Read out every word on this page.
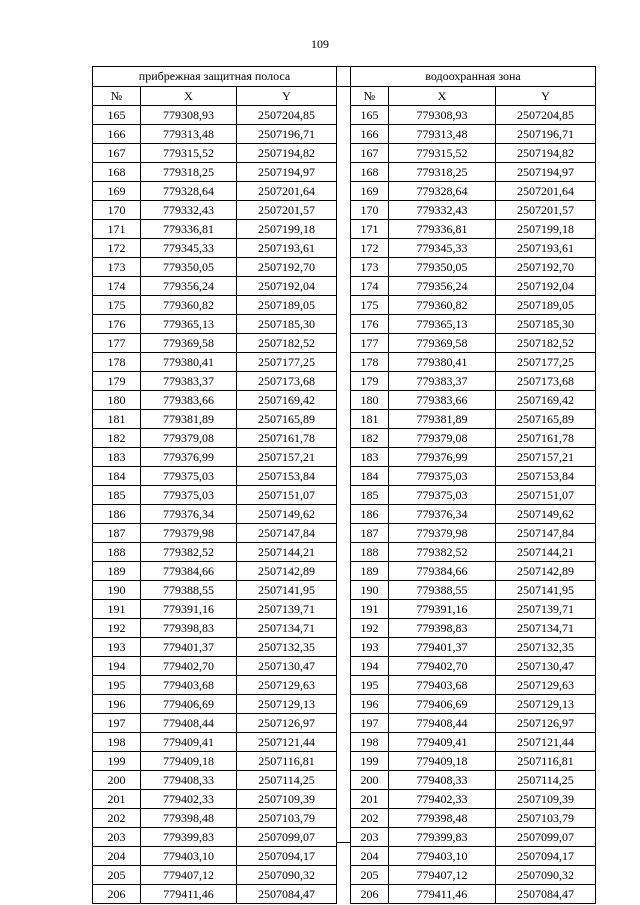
109
прибрежная защитная полоса		
№	X	Y
165	779308,93	2507204,85
166	779313,48	2507196,71
167	779315,52	2507194,82
168	779318,25	2507194,97
169	779328,64	2507201,64
170	779332,43	2507201,57
171	779336,81	2507199,18
172	779345,33	2507193,61
173	779350,05	2507192,70
174	779356,24	2507192,04
175	779360,82	2507189,05
176	779365,13	2507185,30
177	779369,58	2507182,52
178	779380,41	2507177,25
179	779383,37	2507173,68
180	779383,66	2507169,42
181	779381,89	2507165,89
182	779379,08	2507161,78
183	779376,99	2507157,21
184	779375,03	2507153,84
185	779375,03	2507151,07
186	779376,34	2507149,62
187	779379,98	2507147,84
188	779382,52	2507144,21
189	779384,66	2507142,89
190	779388,55	2507141,95
191	779391,16	2507139,71
192	779398,83	2507134,71
193	779401,37	2507132,35
194	779402,70	2507130,47
195	779403,68	2507129,63
196	779406,69	2507129,13
197	779408,44	2507126,97
198	779409,41	2507121,44
199	779409,18	2507116,81
200	779408,33	2507114,25
201	779402,33	2507109,39
202	779398,48	2507103,79
203	779399,83	2507099,07
204	779403,10	2507094,17
205	779407,12	2507090,32
206	779411,46	2507084,47
водоохранная зона		
№	X	Y
165	779308,93	2507204,85
166	779313,48	2507196,71
167	779315,52	2507194,82
168	779318,25	2507194,97
169	779328,64	2507201,64
170	779332,43	2507201,57
171	779336,81	2507199,18
172	779345,33	2507193,61
173	779350,05	2507192,70
174	779356,24	2507192,04
175	779360,82	2507189,05
176	779365,13	2507185,30
177	779369,58	2507182,52
178	779380,41	2507177,25
179	779383,37	2507173,68
180	779383,66	2507169,42
181	779381,89	2507165,89
182	779379,08	2507161,78
183	779376,99	2507157,21
184	779375,03	2507153,84
185	779375,03	2507151,07
186	779376,34	2507149,62
187	779379,98	2507147,84
188	779382,52	2507144,21
189	779384,66	2507142,89
190	779388,55	2507141,95
191	779391,16	2507139,71
192	779398,83	2507134,71
193	779401,37	2507132,35
194	779402,70	2507130,47
195	779403,68	2507129,63
196	779406,69	2507129,13
197	779408,44	2507126,97
198	779409,41	2507121,44
199	779409,18	2507116,81
200	779408,33	2507114,25
201	779402,33	2507109,39
202	779398,48	2507103,79
203	779399,83	2507099,07
204	779403,10	2507094,17
205	779407,12	2507090,32
206	779411,46	2507084,47
